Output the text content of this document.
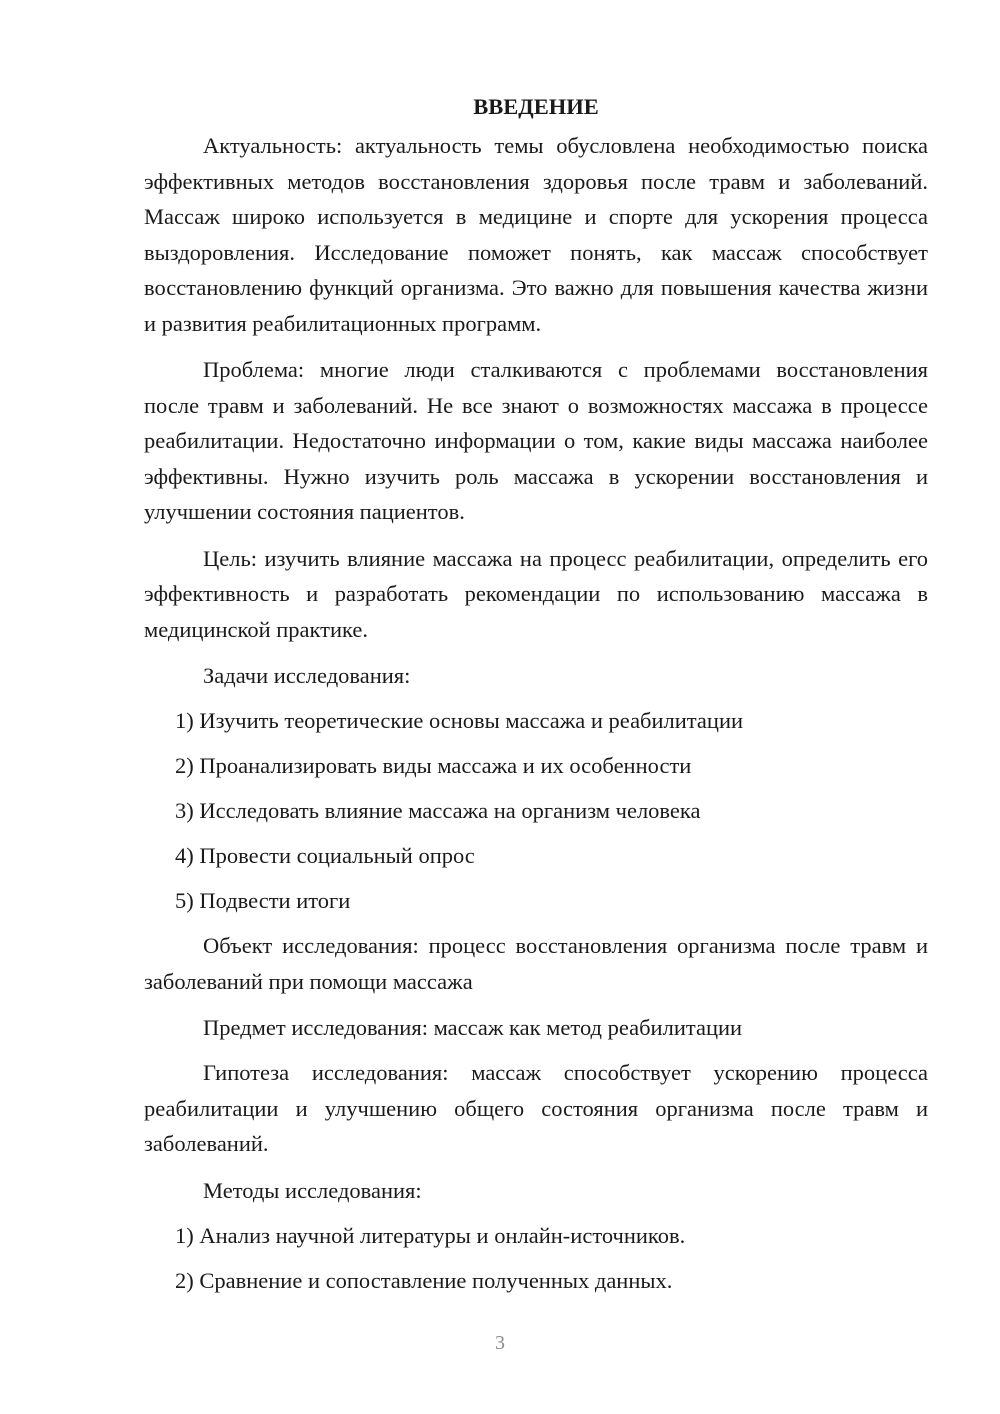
ВВЕДЕНИЕ

Актуальность: актуальность темы обусловлена необходимостью поиска эффективных методов восстановления здоровья после травм и заболеваний. Массаж широко используется в медицине и спорте для ускорения процесса выздоровления. Исследование поможет понять, как массаж способствует восстановлению функций организма. Это важно для повышения качества жизни и развития реабилитационных программ.

Проблема: многие люди сталкиваются с проблемами восстановления после травм и заболеваний. Не все знают о возможностях массажа в процессе реабилитации. Недостаточно информации о том, какие виды массажа наиболее эффективны. Нужно изучить роль массажа в ускорении восстановления и улучшении состояния пациентов.

Цель: изучить влияние массажа на процесс реабилитации, определить его эффективность и разработать рекомендации по использованию массажа в медицинской практике.

Задачи исследования:
1) Изучить теоретические основы массажа и реабилитации
2) Проанализировать виды массажа и их особенности
3) Исследовать влияние массажа на организм человека
4) Провести социальный опрос
5) Подвести итоги

Объект исследования: процесс восстановления организма после травм и заболеваний при помощи массажа

Предмет исследования: массаж как метод реабилитации

Гипотеза исследования: массаж способствует ускорению процесса реабилитации и улучшению общего состояния организма после травм и заболеваний.

Методы исследования:
1) Анализ научной литературы и онлайн-источников.
2) Сравнение и сопоставление полученных данных.
3
